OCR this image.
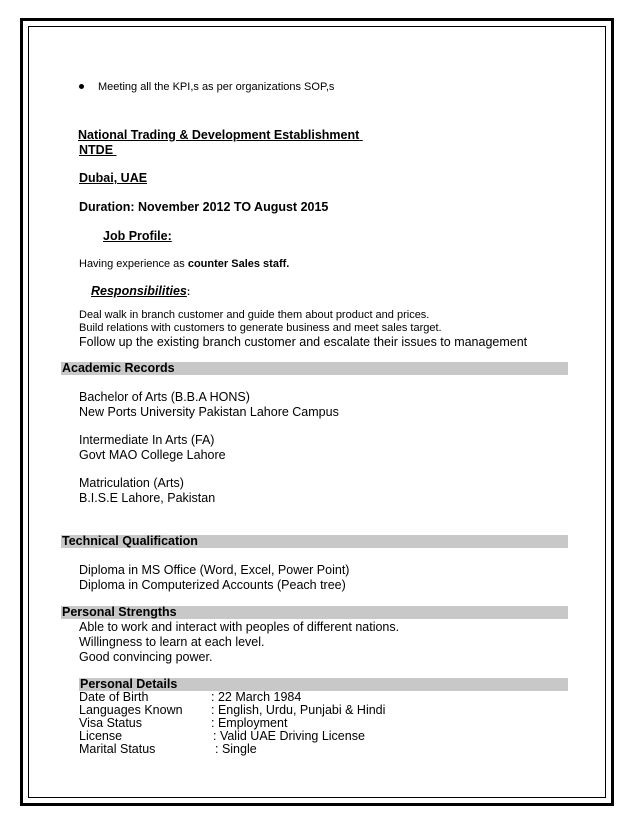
Meeting all the KPI,s as per organizations SOP,s
National Trading & Development Establishment
NTDE
Dubai, UAE
Duration: November 2012 TO August 2015
Job Profile:
Having experience as counter Sales staff.
Responsibilities:
Deal walk in branch customer and guide them about product and prices.
Build relations with customers to generate business and meet sales target.
Follow up the existing branch customer and escalate their issues to management
Academic Records
Bachelor of Arts (B.B.A HONS)
New Ports University Pakistan Lahore Campus
Intermediate In Arts (FA)
Govt MAO College Lahore
Matriculation (Arts)
B.I.S.E Lahore, Pakistan
Technical Qualification
Diploma in MS Office (Word, Excel, Power Point)
Diploma in Computerized Accounts (Peach tree)
Personal Strengths
Able to work and interact with peoples of different nations.
Willingness to learn at each level.
Good convincing power.
Personal Details
Date of Birth	: 22 March 1984
Languages Known : English, Urdu, Punjabi & Hindi
Visa Status	: Employment
License	: Valid UAE Driving License
Marital Status	: Single
